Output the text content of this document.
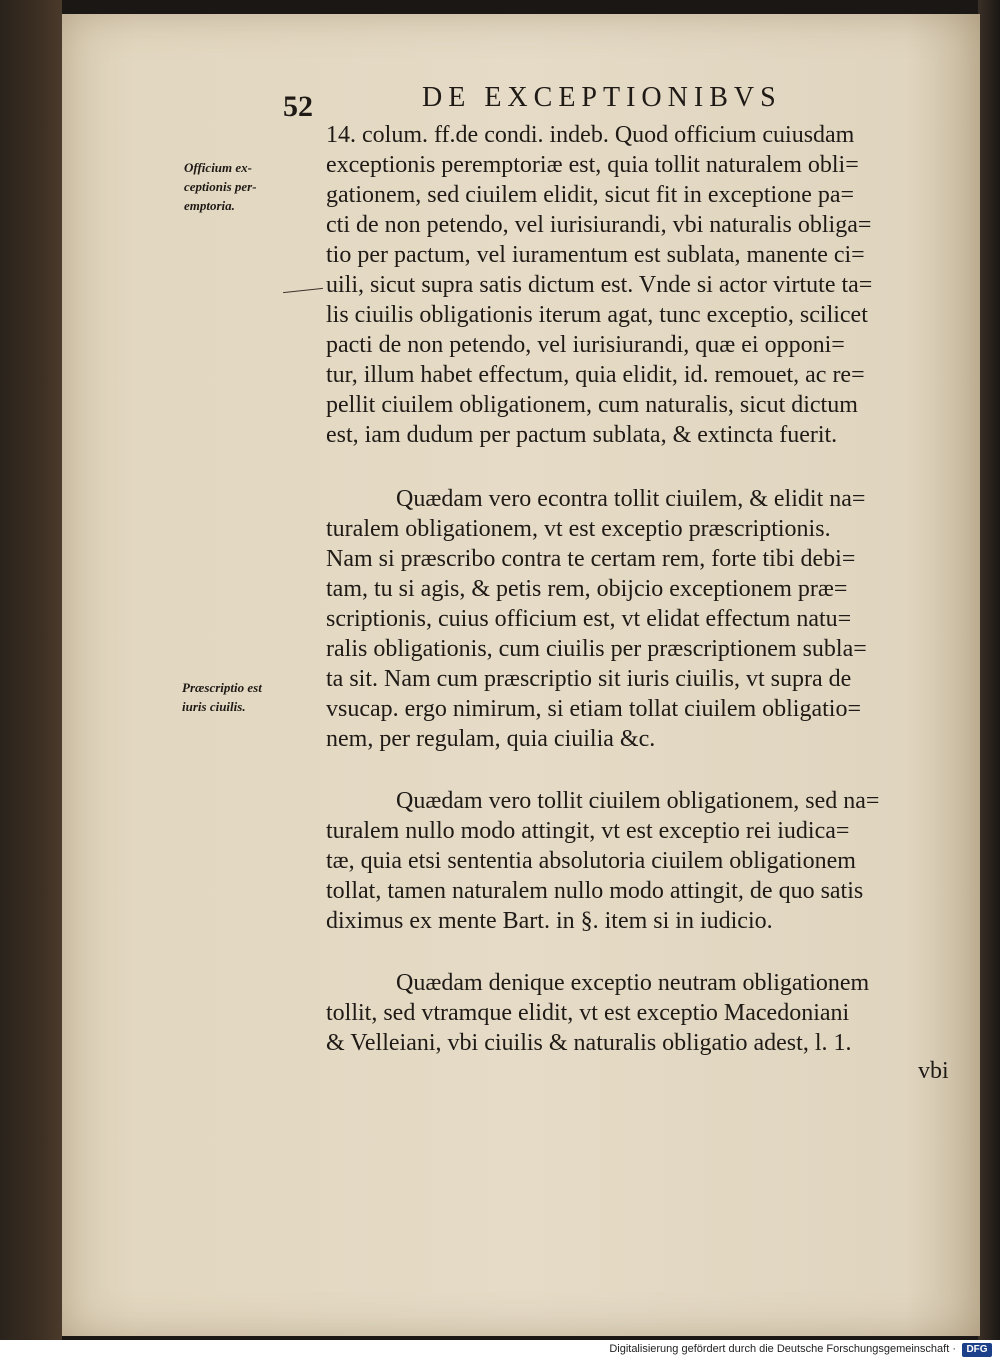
52	DE EXCEPTIONIBVS
Officium ex-
ceptionis per-
emptoria.
Præscriptio est
iuris ciuilis.
14. colum. ff.de condi. indeb. Quod officium cuiusdam
exceptionis peremptoriæ est, quia tollit naturalem obli=
gationem, sed ciuilem elidit, sicut fit in exceptione pa=
cti de non petendo, vel iurisiurandi, vbi naturalis obliga=
tio per pactum, vel iuramentum est sublata, manente ci=
uili, sicut supra satis dictum est. Vnde si actor virtute ta=
lis ciuilis obligationis iterum agat, tunc exceptio, scilicet
pacti de non petendo, vel iurisiurandi, quæ ei opponi=
tur, illum habet effectum, quia elidit, id. remouet, ac re=
pellit ciuilem obligationem, cum naturalis, sicut dictum
est, iam dudum per pactum sublata, & extincta fuerit.
Quædam vero econtra tollit ciuilem, & elidit na=
turalem obligationem, vt est exceptio præscriptionis.
Nam si præscribo contra te certam rem, forte tibi debi=
tam, tu si agis, & petis rem, obijcio exceptionem præ=
scriptionis, cuius officium est, vt elidat effectum natu=
ralis obligationis, cum ciuilis per præscriptionem subla=
ta sit. Nam cum præscriptio sit iuris ciuilis, vt supra de
vsucap. ergo nimirum, si etiam tollat ciuilem obligatio=
nem, per regulam, quia ciuilia &c.
Quædam vero tollit ciuilem obligationem, sed na=
turalem nullo modo attingit, vt est exceptio rei iudica=
tæ, quia etsi sententia absolutoria ciuilem obligationem
tollat, tamen naturalem nullo modo attingit, de quo satis
diximus ex mente Bart. in §. item si in iudicio.
Quædam denique exceptio neutram obligationem
tollit, sed vtramque elidit, vt est exceptio Macedoniani
& Velleiani, vbi ciuilis & naturalis obligatio adest, l. 1.
vbi
Digitalisierung gefördert durch die Deutsche Forschungsgemeinschaft ·	DFG
